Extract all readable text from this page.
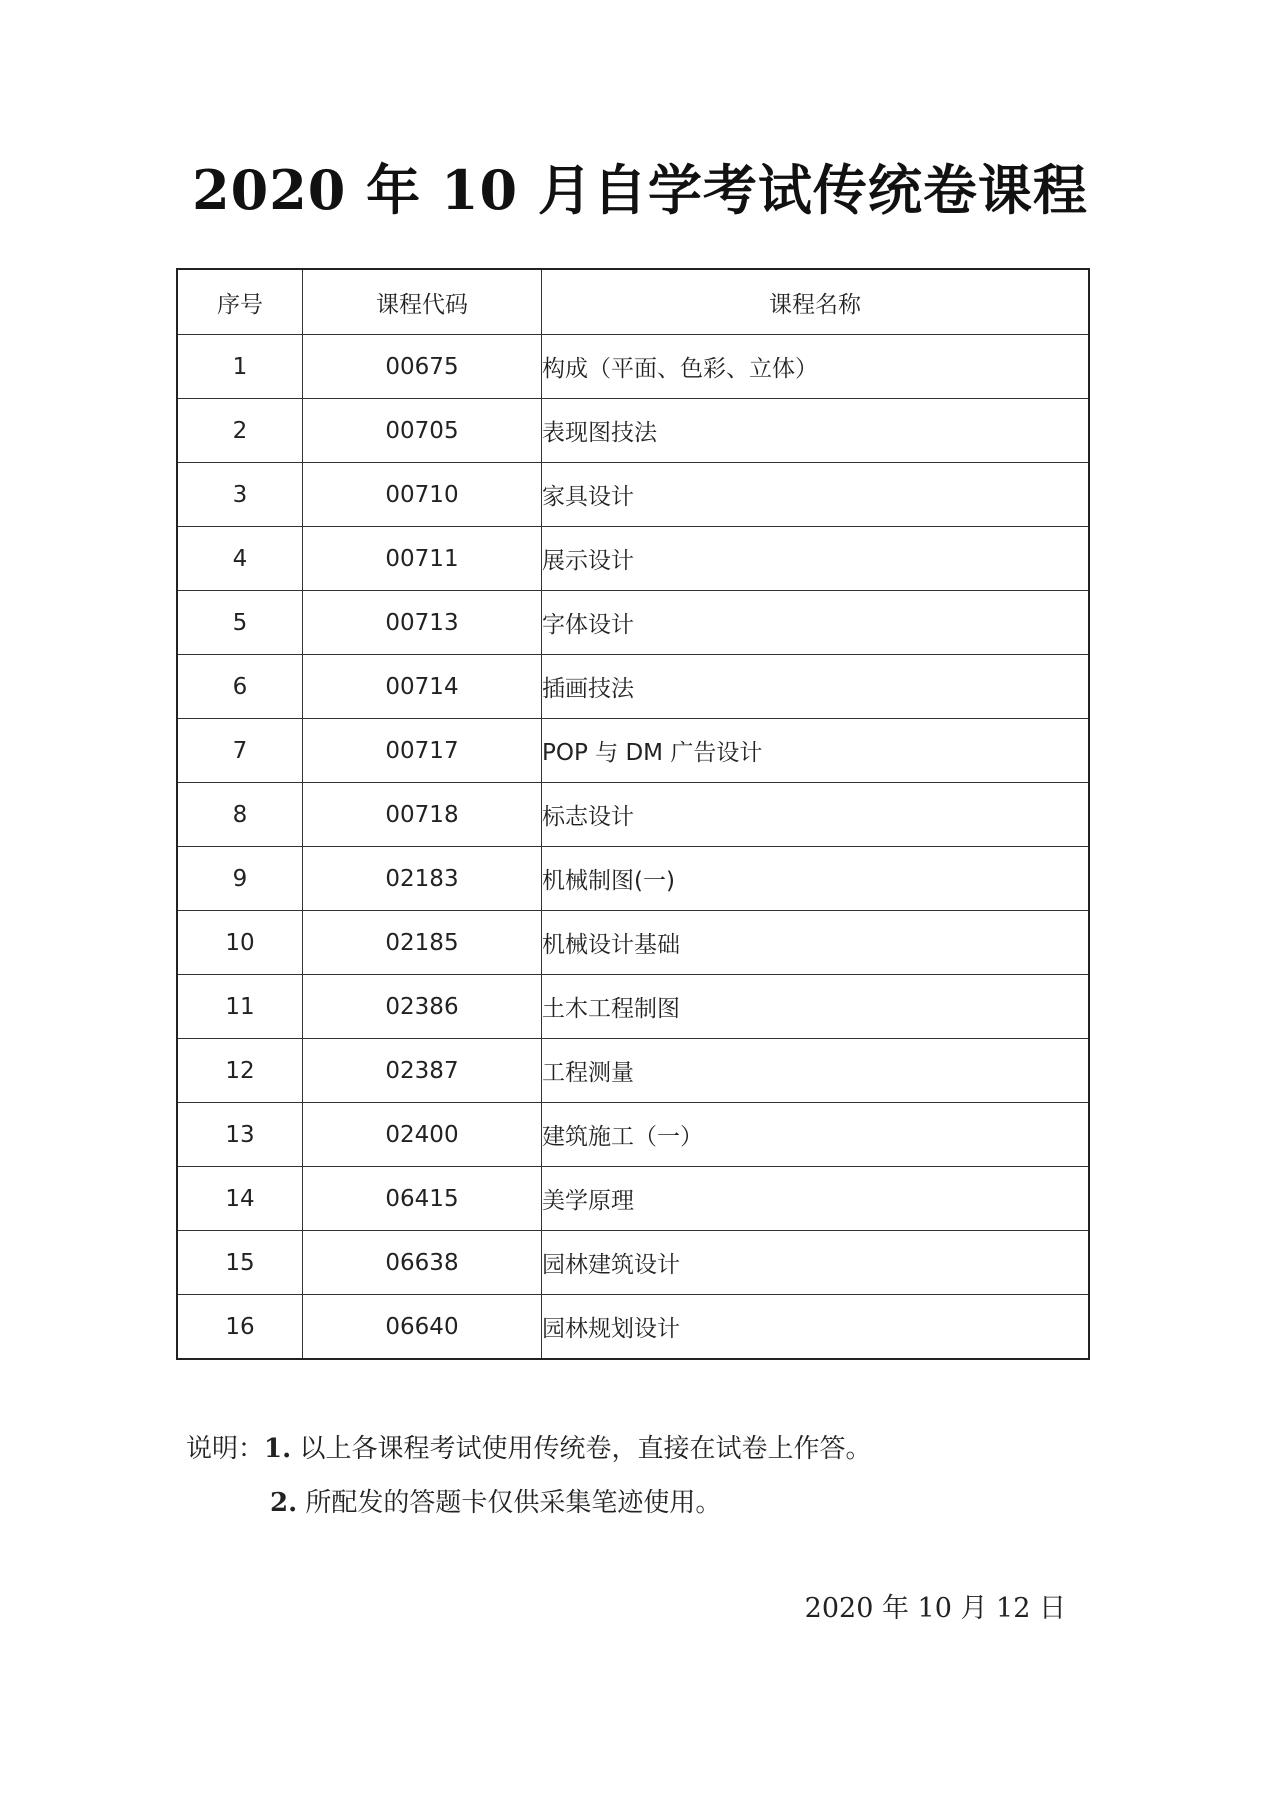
2020 年 10 月自学考试传统卷课程
序号	课程代码	课程名称
1	00675	构成（平面、色彩、立体）
2	00705	表现图技法
3	00710	家具设计
4	00711	展示设计
5	00713	字体设计
6	00714	插画技法
7	00717	POP 与 DM 广告设计
8	00718	标志设计
9	02183	机械制图(一)
10	02185	机械设计基础
11	02386	土木工程制图
12	02387	工程测量
13	02400	建筑施工（一）
14	06415	美学原理
15	06638	园林建筑设计
16	06640	园林规划设计
说明：1. 以上各课程考试使用传统卷，直接在试卷上作答。
2. 所配发的答题卡仅供采集笔迹使用。
2020 年 10 月 12 日
